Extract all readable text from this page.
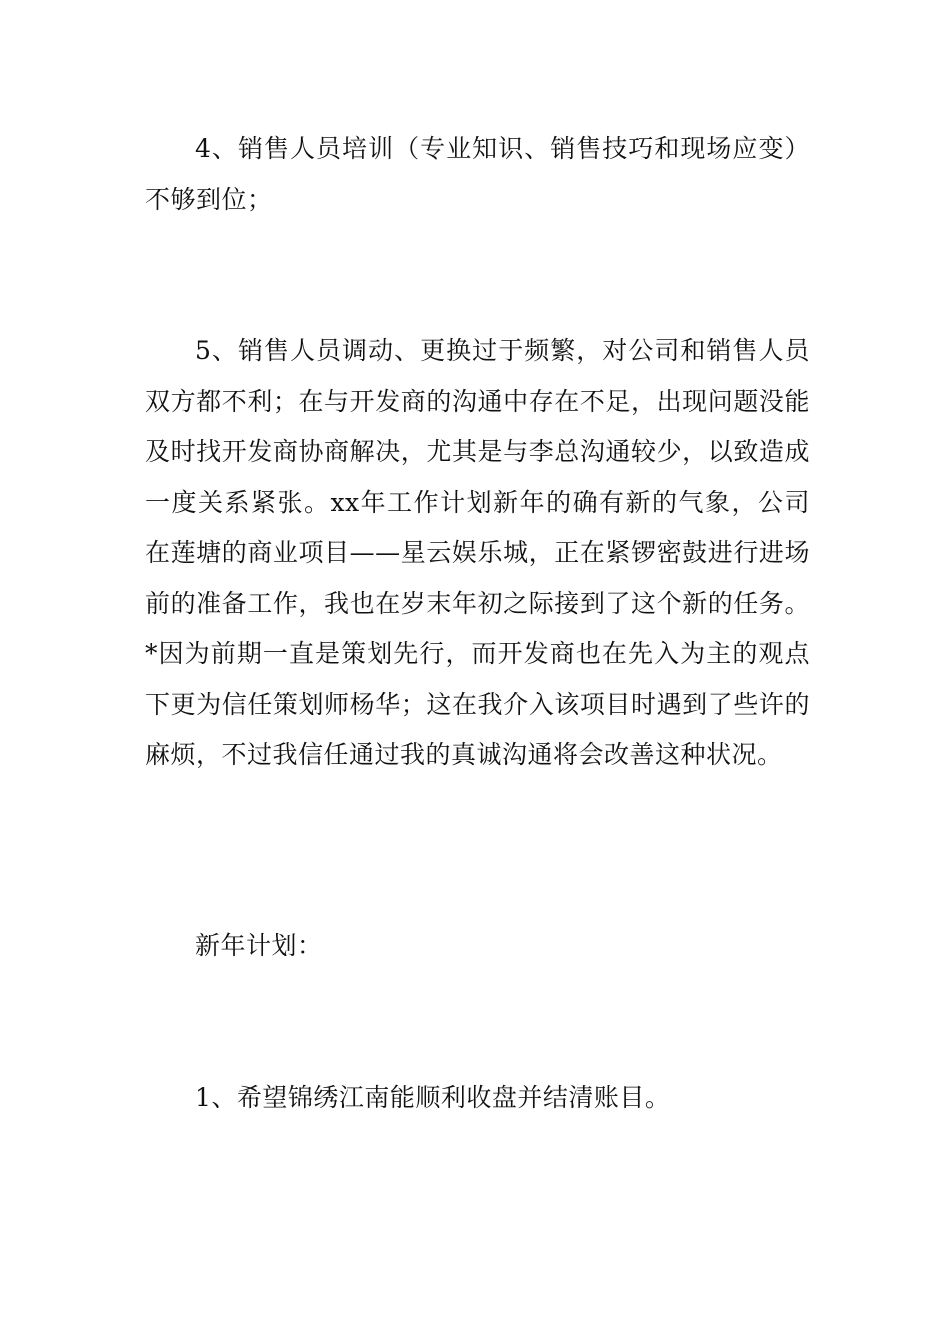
4、销售人员培训（专业知识、销售技巧和现场应变）不够到位；

5、销售人员调动、更换过于频繁，对公司和销售人员双方都不利；在与开发商的沟通中存在不足，出现问题没能及时找开发商协商解决，尤其是与李总沟通较少，以致造成一度关系紧张。xx年工作计划新年的确有新的气象，公司在莲塘的商业项目——星云娱乐城，正在紧锣密鼓进行进场前的准备工作，我也在岁末年初之际接到了这个新的任务。*因为前期一直是策划先行，而开发商也在先入为主的观点下更为信任策划师杨华；这在我介入该项目时遇到了些许的麻烦，不过我信任通过我的真诚沟通将会改善这种状况。

新年计划：

1、希望锦绣江南能顺利收盘并结清账目。
